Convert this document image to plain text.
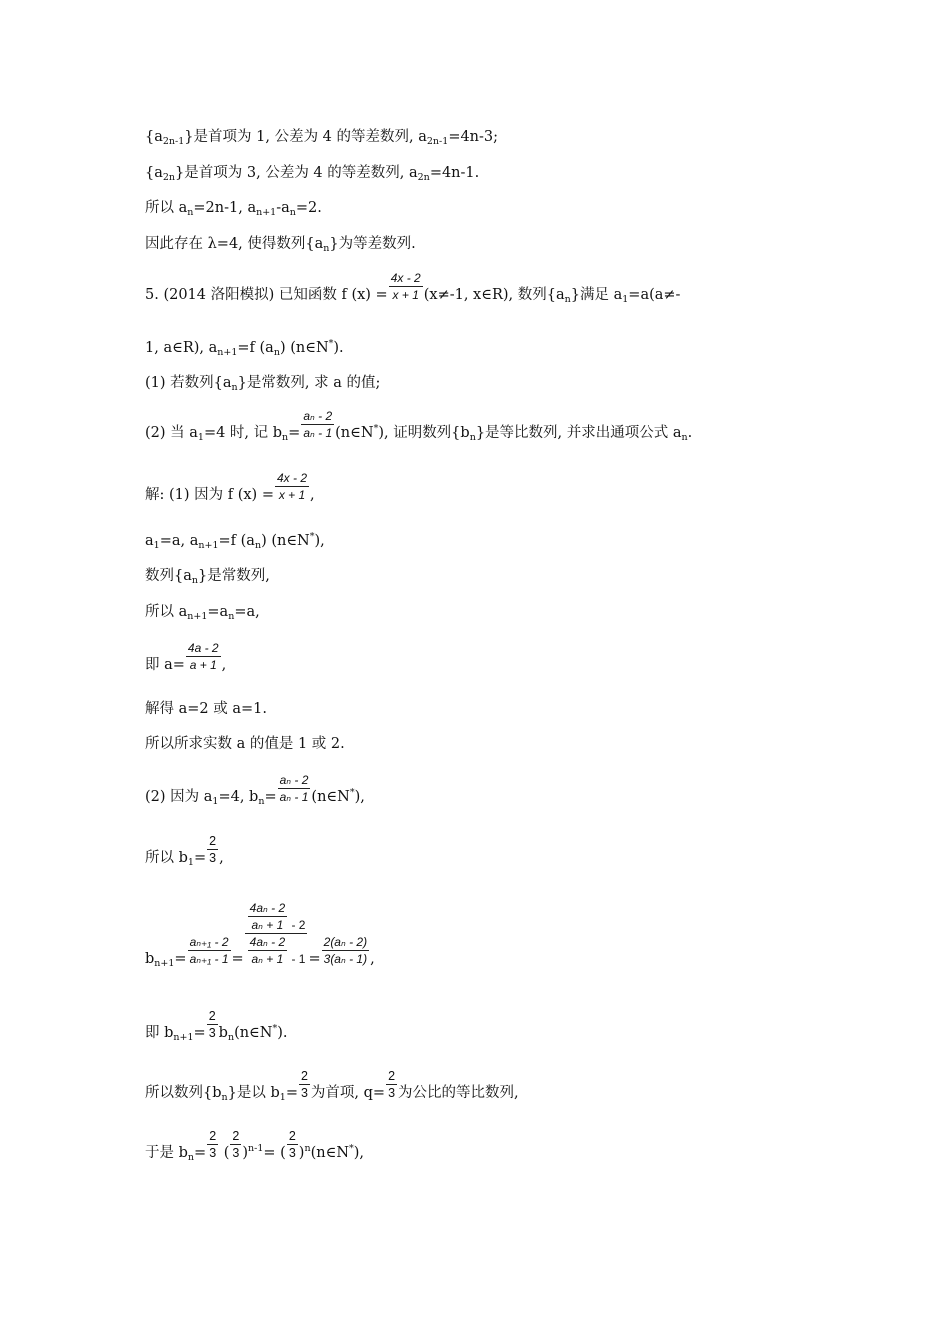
$\{a_{2n-1}\}$是首项为 1, 公差为 4 的等差数列, $a_{2n-1}=4n-3$;
$\{a_{2n}\}$是首项为 3, 公差为 4 的等差数列, $a_{2n}=4n-1$.
所以 $a_n=2n-1$, $a_{n+1}-a_n=2$.
因此存在 λ=4, 使得数列$\{a_n\}$为等差数列.
5. (2014 洛阳模拟) 已知函数 f $(x) = \frac{4x - 2}{x + 1} (x\ne-1$, x∈R), 数列$\{a_n\}$满足 $a_1=a(a\ne-$
1, a∈R), $a_{n+1}=f$ $(a_n)$ (n∈N*).
(1) 若数列$\{a_n\}$是常数列, 求 a 的值;
(2) 当 $a_1=4$ 时, 记 $b_n= \frac{\text{aₙ - 2}}{\text{aₙ - 1}}$ (n∈N*), 证明数列$\{b_n\}$是等比数列, 并求出通项公式 $a_n$.
解: (1) 因为 f $(x) = \frac{4x - 2}{x + 1}$ ,
$a_1=a$, $a_{n+1}=f$ $(a_n)$ (n∈N*),
数列$\{a_n\}$是常数列,
所以 $a_{n+1}=a_n=a$,
即 $a= \frac{4a - 2}{a + 1}$ ,
解得 a=2 或 a=1.
所以所求实数 a 的值是 1 或 2.
(2) 因为 $a_1=4$, $b_n= \frac{\text{aₙ - 2}}{\text{aₙ - 1}}$ (n∈N*),
所以 $b_1= \frac{2}{3}$ ,
$b_{n+1}= \frac{\text{aₙ₊₁ - 2}}{\text{aₙ₊₁ - 1}} = \frac{\frac{\text{4aₙ - 2}}{\text{aₙ + 1}} - 2}{\frac{\text{4aₙ - 2}}{\text{aₙ + 1}} - 1} = \frac{\text{2(aₙ - 2)}}{\text{3(aₙ - 1)}}$ ,
即 $b_{n+1}= \frac{2}{3}$ $b_n(n\in N^*)$.
所以数列$\{b_n\}$是以 $b_1= \frac{2}{3}$ 为首项, $q= \frac{2}{3}$ 为公比的等比数列,
于是 $b_n= \frac{2}{3}$ ( $\frac{2}{3} )^{n-1}=$ ( $\frac{2}{3}$ )$^n$(n∈N*),
